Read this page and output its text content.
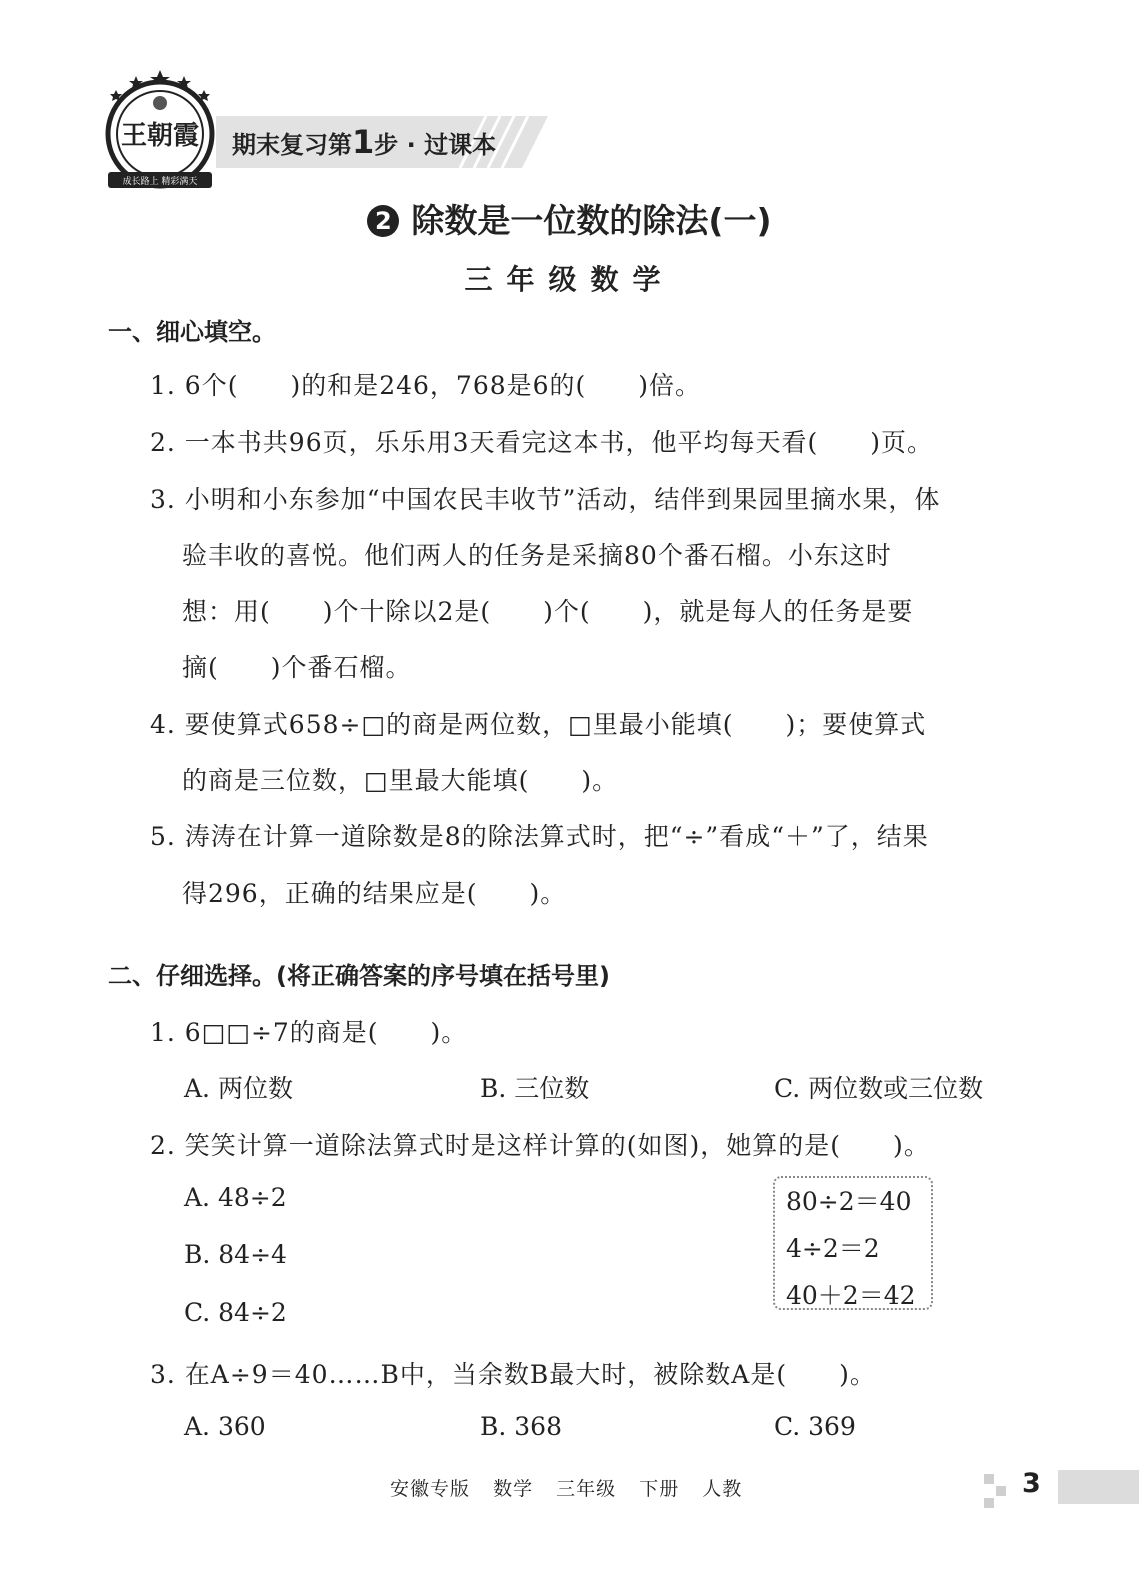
王朝霞
成长路上 精彩满天
期末复习第1步 · 过课本
2 除数是一位数的除法(一)
三年级数学
一、细心填空。
1. 6个(　　)的和是246，768是6的(　　)倍。
2. 一本书共96页，乐乐用3天看完这本书，他平均每天看(　　)页。
3. 小明和小东参加“中国农民丰收节”活动，结伴到果园里摘水果，体
验丰收的喜悦。他们两人的任务是采摘80个番石榴。小东这时
想：用(　　)个十除以2是(　　)个(　　)，就是每人的任务是要
摘(　　)个番石榴。
4. 要使算式658÷□的商是两位数，□里最小能填(　　)；要使算式
的商是三位数，□里最大能填(　　)。
5. 涛涛在计算一道除数是8的除法算式时，把“÷”看成“＋”了，结果
得296，正确的结果应是(　　)。
二、仔细选择。(将正确答案的序号填在括号里)
1. 6□□÷7的商是(　　)。
A. 两位数	B. 三位数	C. 两位数或三位数
2. 笑笑计算一道除法算式时是这样计算的(如图)，她算的是(　　)。
A. 48÷2
B. 84÷4
C. 84÷2
80÷2＝40
4÷2＝2
40＋2＝42
3. 在A÷9＝40……B中，当余数B最大时，被除数A是(　　)。
A. 360	B. 368	C. 369
安徽专版 数学 三年级 下册 人教	3
